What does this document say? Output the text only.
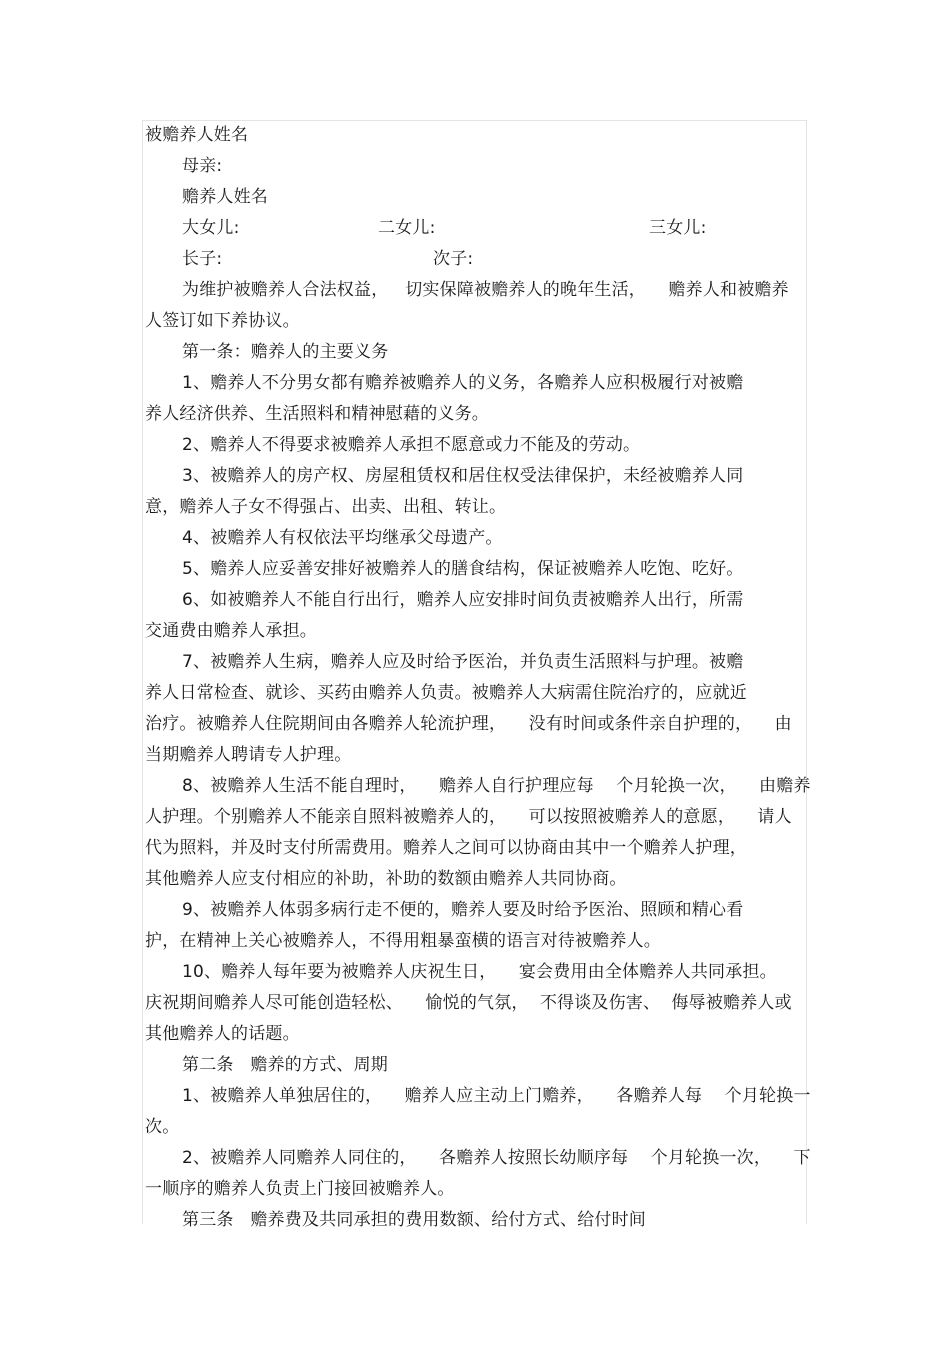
被赡养人姓名
母亲:
赡养人姓名
大女儿:	二女儿:	三女儿:
长子:	次子:
为维护被赡养人合法权益，   切实保障被赡养人的晚年生活，    赡养人和被赡养
人签订如下养协议。
第一条：赡养人的主要义务
1、赡养人不分男女都有赡养被赡养人的义务，各赡养人应积极履行对被赡
养人经济供养、生活照料和精神慰藉的义务。
2、赡养人不得要求被赡养人承担不愿意或力不能及的劳动。
3、被赡养人的房产权、房屋租赁权和居住权受法律保护，未经被赡养人同
意，赡养人子女不得强占、出卖、出租、转让。
4、被赡养人有权依法平均继承父母遗产。
5、赡养人应妥善安排好被赡养人的膳食结构，保证被赡养人吃饱、吃好。
6、如被赡养人不能自行出行，赡养人应安排时间负责被赡养人出行，所需
交通费由赡养人承担。
7、被赡养人生病，赡养人应及时给予医治，并负责生活照料与护理。被赡
养人日常检查、就诊、买药由赡养人负责。被赡养人大病需住院治疗的，应就近
治疗。被赡养人住院期间由各赡养人轮流护理，    没有时间或条件亲自护理的，    由
当期赡养人聘请专人护理。
8、被赡养人生活不能自理时，    赡养人自行护理应每    个月轮换一次，    由赡养
人护理。个别赡养人不能亲自照料被赡养人的，    可以按照被赡养人的意愿，    请人
代为照料，并及时支付所需费用。赡养人之间可以协商由其中一个赡养人护理，
其他赡养人应支付相应的补助，补助的数额由赡养人共同协商。
9、被赡养人体弱多病行走不便的，赡养人要及时给予医治、照顾和精心看
护，在精神上关心被赡养人，不得用粗暴蛮横的语言对待被赡养人。
10、赡养人每年要为被赡养人庆祝生日，    宴会费用由全体赡养人共同承担。
庆祝期间赡养人尽可能创造轻松、    愉悦的气氛，  不得谈及伤害、  侮辱被赡养人或
其他赡养人的话题。
第二条   赡养的方式、周期
1、被赡养人单独居住的，    赡养人应主动上门赡养，    各赡养人每    个月轮换一
次。
2、被赡养人同赡养人同住的，    各赡养人按照长幼顺序每    个月轮换一次，    下
一顺序的赡养人负责上门接回被赡养人。
第三条   赡养费及共同承担的费用数额、给付方式、给付时间
